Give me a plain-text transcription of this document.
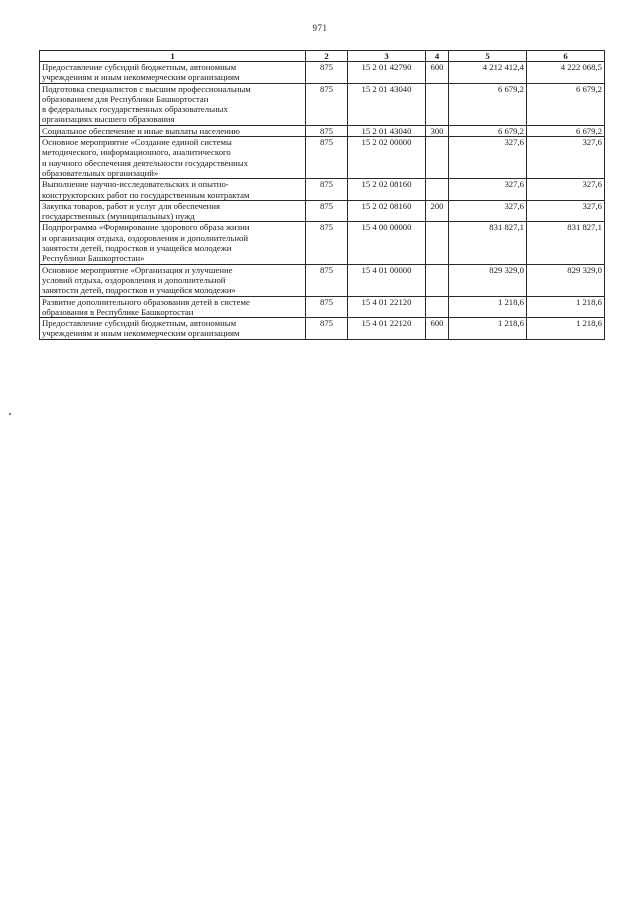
971
1	2	3	4	5	6
Предоставление субсидий бюджетным, автономным
учреждениям и иным некоммерческим организациям	875	15 2 01 42790	600	4 212 412,4	4 222 068,5
Подготовка специалистов с высшим профессиональным
образованием для Республики Башкортостан
в федеральных государственных образовательных
организациях высшего образования	875	15 2 01 43040		6 679,2	6 679,2
Социальное обеспечение и иные выплаты населению	875	15 2 01 43040	300	6 679,2	6 679,2
Основное мероприятие «Создание единой системы
методического, информационного, аналитического
и научного обеспечения деятельности государственных
образовательных организаций»	875	15 2 02 00000		327,6	327,6
Выполнение научно-исследовательских и опытно-
конструкторских работ по государственным контрактам	875	15 2 02 08160		327,6	327,6
Закупка товаров, работ и услуг для обеспечения
государственных (муниципальных) нужд	875	15 2 02 08160	200	327,6	327,6
Подпрограмма «Формирование здорового образа жизни
и организация отдыха, оздоровления и дополнительной
занятости детей, подростков и учащейся молодежи
Республики Башкортостан»	875	15 4 00 00000		831 827,1	831 827,1
Основное мероприятие «Организация и улучшение
условий отдыха, оздоровления и дополнительной
занятости детей, подростков и учащейся молодежи»	875	15 4 01 00000		829 329,0	829 329,0
Развитие дополнительного образования детей в системе
образования в Республике Башкортостан	875	15 4 01 22120		1 218,6	1 218,6
Предоставление субсидий бюджетным, автономным
учреждениям и иным некоммерческим организациям	875	15 4 01 22120	600	1 218,6	1 218,6
